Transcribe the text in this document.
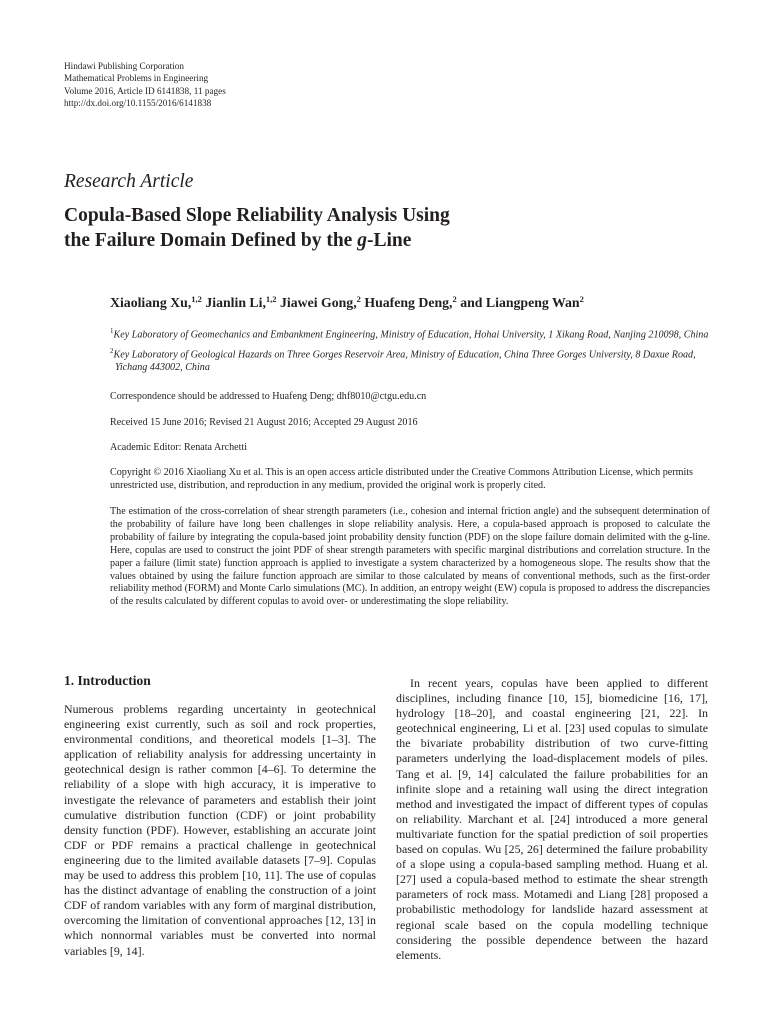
Hindawi Publishing Corporation
Mathematical Problems in Engineering
Volume 2016, Article ID 6141838, 11 pages
http://dx.doi.org/10.1155/2016/6141838
Research Article
Copula-Based Slope Reliability Analysis Using
the Failure Domain Defined by the g-Line
Xiaoliang Xu,$^{1,2}$ Jianlin Li,$^{1,2}$ Jiawei Gong,$^2$ Huafeng Deng,$^2$ and Liangpeng Wan$^2$
$^1$Key Laboratory of Geomechanics and Embankment Engineering, Ministry of Education, Hohai University, 1 Xikang Road, Nanjing 210098, China
$^2$Key Laboratory of Geological Hazards on Three Gorges Reservoir Area, Ministry of Education, China Three Gorges University, 8 Daxue Road, Yichang 443002, China
Correspondence should be addressed to Huafeng Deng; dhf8010@ctgu.edu.cn
Received 15 June 2016; Revised 21 August 2016; Accepted 29 August 2016
Academic Editor: Renata Archetti
Copyright © 2016 Xiaoliang Xu et al. This is an open access article distributed under the Creative Commons Attribution License, which permits unrestricted use, distribution, and reproduction in any medium, provided the original work is properly cited.
The estimation of the cross-correlation of shear strength parameters (i.e., cohesion and internal friction angle) and the subsequent determination of the probability of failure have long been challenges in slope reliability analysis. Here, a copula-based approach is proposed to calculate the probability of failure by integrating the copula-based joint probability density function (PDF) on the slope failure domain delimited with the g-line. Here, copulas are used to construct the joint PDF of shear strength parameters with specific marginal distributions and correlation structure. In the paper a failure (limit state) function approach is applied to investigate a system characterized by a homogeneous slope. The results show that the values obtained by using the failure function approach are similar to those calculated by means of conventional methods, such as the first-order reliability method (FORM) and Monte Carlo simulations (MC). In addition, an entropy weight (EW) copula is proposed to address the discrepancies of the results calculated by different copulas to avoid over- or underestimating the slope reliability.
1. Introduction
Numerous problems regarding uncertainty in geotechnical engineering exist currently, such as soil and rock properties, environmental conditions, and theoretical models [1–3]. The application of reliability analysis for addressing uncertainty in geotechnical design is rather common [4–6]. To determine the reliability of a slope with high accuracy, it is imperative to investigate the relevance of parameters and establish their joint cumulative distribution function (CDF) or joint probability density function (PDF). However, establishing an accurate joint CDF or PDF remains a practical challenge in geotechnical engineering due to the limited available datasets [7–9]. Copulas may be used to address this problem [10, 11]. The use of copulas has the distinct advantage of enabling the construction of a joint CDF of random variables with any form of marginal distribution, overcoming the limitation of conventional approaches [12, 13] in which nonnormal variables must be converted into normal variables [9, 14].
In recent years, copulas have been applied to different disciplines, including finance [10, 15], biomedicine [16, 17], hydrology [18–20], and coastal engineering [21, 22]. In geotechnical engineering, Li et al. [23] used copulas to simulate the bivariate probability distribution of two curve-fitting parameters underlying the load-displacement models of piles. Tang et al. [9, 14] calculated the failure probabilities for an infinite slope and a retaining wall using the direct integration method and investigated the impact of different types of copulas on reliability. Marchant et al. [24] introduced a more general multivariate function for the spatial prediction of soil properties based on copulas. Wu [25, 26] determined the failure probability of a slope using a copula-based sampling method. Huang et al. [27] used a copula-based method to estimate the shear strength parameters of rock mass. Motamedi and Liang [28] proposed a probabilistic methodology for landslide hazard assessment at regional scale based on the copula modelling technique considering the possible dependence between the hazard elements.
